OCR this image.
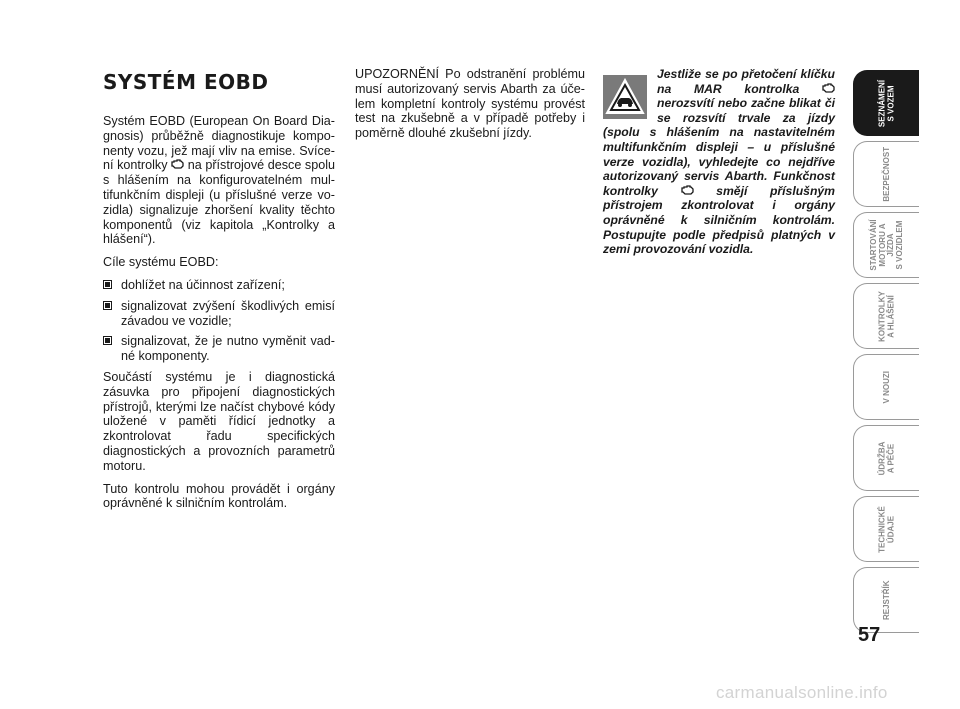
SYSTÉM EOBD

Systém EOBD (European On Board Diagnosis) průběžně diagnostikuje komponenty vozu, jež mají vliv na emise. Svícení kontrolky na přístrojové desce spolu s hlášením na konfigurovatelném multifunkčním displeji (u příslušné verze vozidla) signalizuje zhoršení kvality těchto komponentů (viz kapitola „Kontrolky a hlášení“).

Cíle systému EOBD:

dohlížet na účinnost zařízení;
signalizovat zvýšení škodlivých emisí závadou ve vozidle;
signalizovat, že je nutno vyměnit vadné komponenty.

Součástí systému je i diagnostická zásuvka pro připojení diagnostických přístrojů, kterými lze načíst chybové kódy uložené v paměti řídicí jednotky a zkontrolovat řadu specifických diagnostických a provozních parametrů motoru.

Tuto kontrolu mohou provádět i orgány oprávněné k silničním kontrolám.

UPOZORNĚNÍ Po odstranění problému musí autorizovaný servis Abarth za účelem kompletní kontroly systému provést test na zkušebně a v případě potřeby i poměrně dlouhé zkušební jízdy.

Jestliže se po přetočení klíčku na MAR kontrolka  nerozsvítí nebo začne blikat či se rozsvítí trvale za jízdy (spolu s hlášením na nastavitelném multifunkčním displeji – u příslušné verze vozidla), vyhledejte co nejdříve autorizovaný servis Abarth. Funkčnost kontrolky	smějí příslušným přístrojem zkontrolovat i orgány oprávněné k silničním kontrolám. Postupujte podle předpisů platných v zemi provozování vozidla.
SEZNÁMENÍ
S VOZEM
BEZPEČNOST
STARTOVÁNÍ
MOTORU A JÍZDA
S VOZIDLEM
KONTROLKY
A HLÁŠENÍ
V NOUZI
ÚDRŽBA
A PÉČE
TECHNICKÉ
ÚDAJE
REJSTŘÍK
57
carmanualsonline.info
